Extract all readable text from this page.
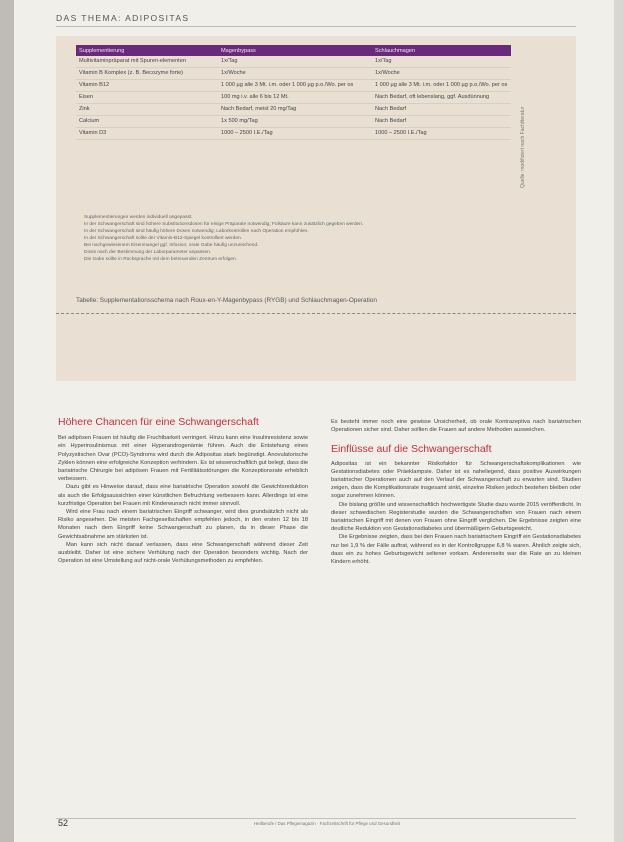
DAS THEMA: ADIPOSITAS
Supplementierung	Magenbypass	Schlauchmagen
Multivitaminpräparat mit Spuren-elementen	1x/Tag	1x/Tag
Vitamin B Komplex (z. B. Becozyme forte)	1x/Woche	1x/Woche
Vitamin B12	1 000 µg alle 3 Mt. i.m. oder 1 000 µg p.o./Wo. per os	1 000 µg alle 3 Mt. i.m. oder 1 000 µg p.o./Wo. per os
Eisen	100 mg i.v. alle 6 bis 12 Mt.	Nach Bedarf, oft lebenslang, ggf. Ausdünnung
Zink	Nach Bedarf, meist 20 mg/Tag	Nach Bedarf
Calcium	1x 500 mg/Tag	Nach Bedarf
Vitamin D3	1000 – 2500 I.E./Tag	1000 – 2500 I.E./Tag	Quelle: modifiziert nach Fachliteratur
Supplementierungen werden individuell angepasst.
In der Schwangerschaft sind höhere Substitutionsdosen für einige Präparate notwendig; Folsäure kann zusätzlich gegeben werden.
In der Schwangerschaft sind häufig höhere Dosen notwendig; Laborkontrollen nach Operation empfohlen.
In der Schwangerschaft sollte der Vitamin-B12-Spiegel kontrolliert werden.
Bei nachgewiesenem Eisenmangel ggf. Infusion; orale Gabe häufig unzureichend.
Dosis nach der Bestimmung der Laborparameter anpassen.
Die Gabe sollte in Rücksprache mit dem betreuenden Zentrum erfolgen.
Tabelle: Supplementationsschema nach Roux-en-Y-Magenbypass (RYGB) und Schlauchmagen-Operation
Höhere Chancen für eine Schwangerschaft

Bei adipösen Frauen ist häufig die Fruchtbarkeit verringert. Hinzu kann eine Insulinresistenz sowie ein Hyperinsulinismus mit einer Hyperandrogenämie führen. Auch die Entstehung eines Polyzystischen Ovar (PCO)-Syndroms wird durch die Adipositas stark begünstigt. Anovulatorische Zyklen können eine erfolgreiche Konzeption verhindern. Es ist wissenschaftlich gut belegt, dass die bariatrische Chirurgie bei adipösen Frauen mit Fertilitätsstörungen die Konzeptionsrate erheblich verbessern.

Dazu gibt es Hinweise darauf, dass eine bariatrische Operation sowohl die Gewichtsreduktion als auch die Erfolgsaussichten einer künstlichen Befruchtung verbessern kann. Allerdings ist eine kurzfristige Operation bei Frauen mit Kinderwunsch nicht immer sinnvoll.

Wird eine Frau nach einem bariatrischen Eingriff schwanger, wird dies grundsätzlich nicht als Risiko angesehen. Die meisten Fachgesellschaften empfehlen jedoch, in den ersten 12 bis 18 Monaten nach dem Eingriff keine Schwangerschaft zu planen, da in dieser Phase die Gewichtsabnahme am stärksten ist.

Man kann sich nicht darauf verlassen, dass eine Schwangerschaft während dieser Zeit ausbleibt. Daher ist eine sichere Verhütung nach der Operation besonders wichtig. Nach der Operation ist eine Umstellung auf nicht-orale Verhütungsmethoden zu empfehlen.

Es besteht immer noch eine gewisse Unsicherheit, ob orale Kontrazeptiva nach bariatrischen Operationen sicher sind. Daher sollten die Frauen auf andere Methoden ausweichen.

Einflüsse auf die Schwangerschaft

Adipositas ist ein bekannter Risikofaktor für Schwangerschaftskomplikationen wie Gestationsdiabetes oder Präeklampsie. Daher ist es naheliegend, dass positive Auswirkungen bariatrischer Operationen auch auf den Verlauf der Schwangerschaft zu erwarten sind. Studien zeigen, dass die Komplikationsrate insgesamt sinkt, einzelne Risiken jedoch bestehen bleiben oder sogar zunehmen können.

Die bislang größte und wissenschaftlich hochwertigste Studie dazu wurde 2015 veröffentlicht. In dieser schwedischen Registerstudie wurden die Schwangerschaften von Frauen nach einem bariatrischen Eingriff mit denen von Frauen ohne Eingriff verglichen. Die Ergebnisse zeigten eine deutliche Reduktion von Gestationsdiabetes und übermäßigem Geburtsgewicht.

Die Ergebnisse zeigten, dass bei den Frauen nach bariatrischem Eingriff ein Gestationsdiabetes nur bei 1,9 % der Fälle auftrat, während es in der Kontrollgruppe 6,8 % waren. Ähnlich zeigte sich, dass ein zu hohes Geburtsgewicht seltener vorkam. Andererseits war die Rate an zu kleinen Kindern erhöht.

52	Heilberufe / Das Pflegemagazin · Fachzeitschrift für Pflege und Gesundheit
